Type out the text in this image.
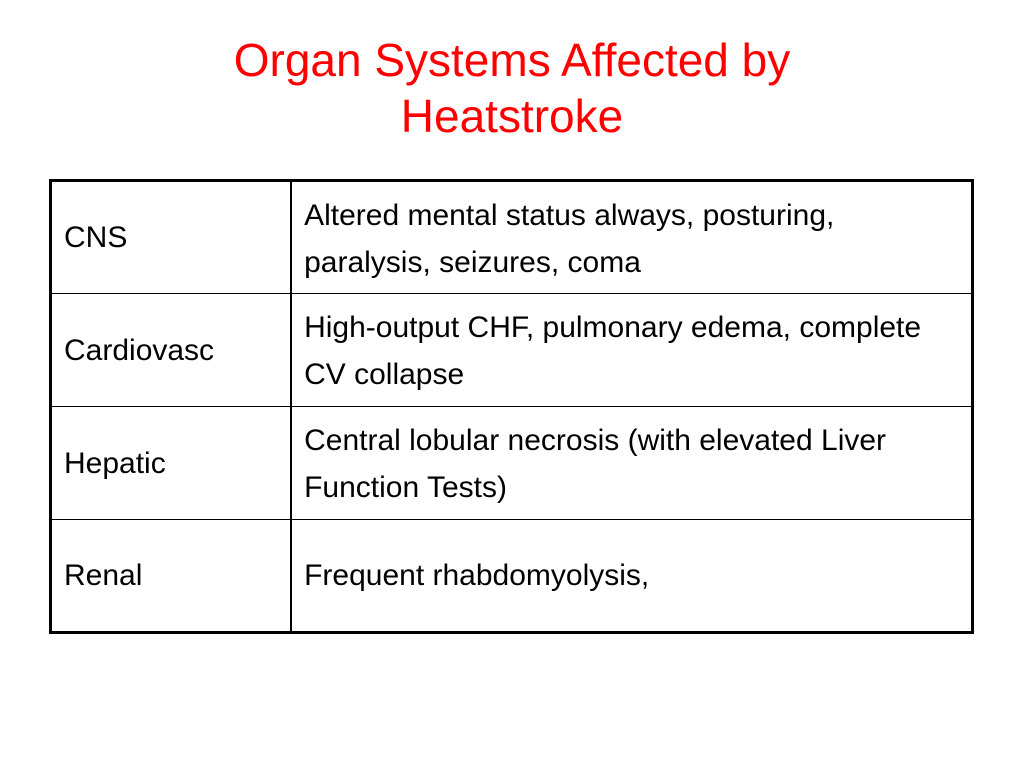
Organ Systems Affected by
Heatstroke
CNS	Altered mental status always, posturing, paralysis, seizures, coma
Cardiovasc	High-output CHF, pulmonary edema, complete CV collapse
Hepatic	Central lobular necrosis (with elevated Liver Function Tests)
Renal	Frequent rhabdomyolysis,
